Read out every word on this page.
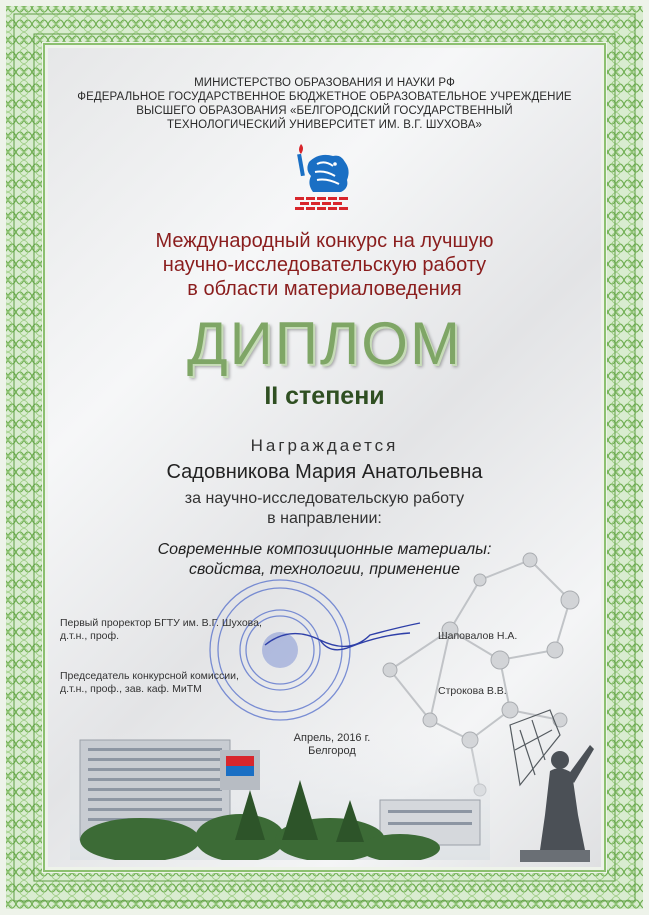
МИНИСТЕРСТВО ОБРАЗОВАНИЯ И НАУКИ РФ
ФЕДЕРАЛЬНОЕ ГОСУДАРСТВЕННОЕ БЮДЖЕТНОЕ ОБРАЗОВАТЕЛЬНОЕ УЧРЕЖДЕНИЕ
ВЫСШЕГО ОБРАЗОВАНИЯ «БЕЛГОРОДСКИЙ ГОСУДАРСТВЕННЫЙ
ТЕХНОЛОГИЧЕСКИЙ УНИВЕРСИТЕТ ИМ. В.Г. ШУХОВА»
Международный конкурс на лучшую
научно-исследовательскую работу
в области материаловедения
ДИПЛОМ
II степени
Награждается
Садовникова Мария Анатольевна
за научно-исследовательскую работу
в направлении:
Современные композиционные материалы:
свойства, технологии, применение
Первый проректор БГТУ им. В.Г. Шухова,
д.т.н., проф.	Шаповалов Н.А.
Председатель конкурсной комиссии,
д.т.н., проф., зав. каф. МиТМ	Строкова В.В.
Апрель, 2016 г.
Белгород
